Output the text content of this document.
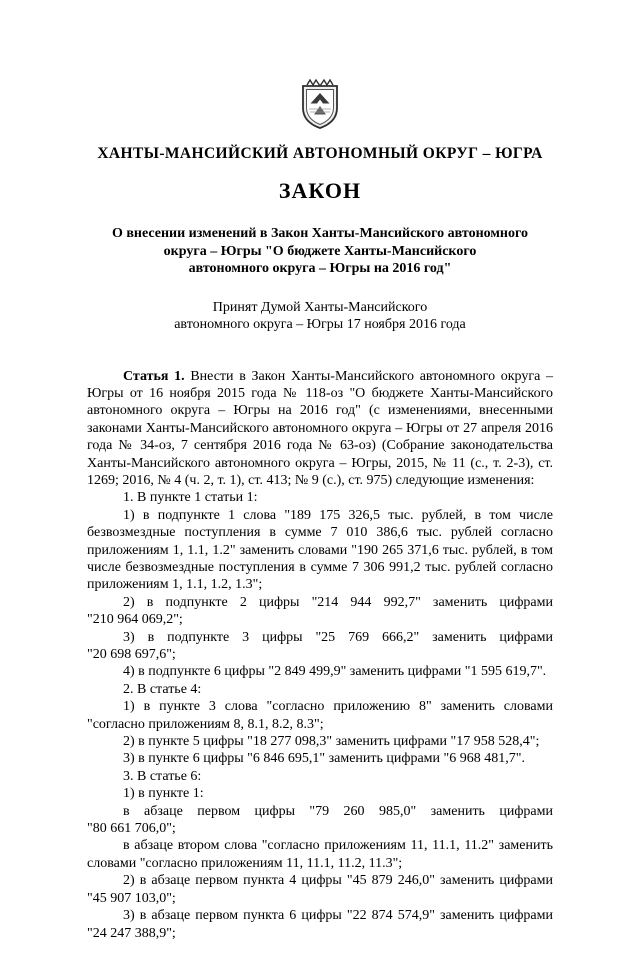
ХАНТЫ-МАНСИЙСКИЙ АВТОНОМНЫЙ ОКРУГ – ЮГРА
ЗАКОН
О внесении изменений в Закон Ханты-Мансийского автономного
округа – Югры "О бюджете Ханты-Мансийского
автономного округа – Югры на 2016 год"
Принят Думой Ханты-Мансийского
автономного округа – Югры 17 ноября 2016 года

Статья 1. Внести в Закон Ханты-Мансийского автономного округа – Югры от 16 ноября 2015 года № 118-оз "О бюджете Ханты-Мансийского автономного округа – Югры на 2016 год" (с изменениями, внесенными законами Ханты-Мансийского автономного округа – Югры от 27 апреля 2016 года № 34-оз, 7 сентября 2016 года № 63-оз) (Собрание законодательства Ханты-Мансийского автономного округа – Югры, 2015, № 11 (с., т. 2-3), ст. 1269; 2016, № 4 (ч. 2, т. 1), ст. 413; № 9 (с.), ст. 975) следующие изменения:

1. В пункте 1 статьи 1:

1) в подпункте 1 слова "189 175 326,5 тыс. рублей, в том числе безвозмездные поступления в сумме 7 010 386,6 тыс. рублей согласно приложениям 1, 1.1, 1.2" заменить словами "190 265 371,6 тыс. рублей, в том числе безвозмездные поступления в сумме 7 306 991,2 тыс. рублей согласно приложениям 1, 1.1, 1.2, 1.3";

2) в подпункте 2 цифры "214 944 992,7" заменить цифрами "210 964 069,2";

3) в подпункте 3 цифры "25 769 666,2" заменить цифрами "20 698 697,6";

4) в подпункте 6 цифры "2 849 499,9" заменить цифрами "1 595 619,7".

2. В статье 4:

1) в пункте 3 слова "согласно приложению 8" заменить словами "согласно приложениям 8, 8.1, 8.2, 8.3";

2) в пункте 5 цифры "18 277 098,3" заменить цифрами "17 958 528,4";

3) в пункте 6 цифры "6 846 695,1" заменить цифрами "6 968 481,7".

3. В статье 6:

1) в пункте 1:

в абзаце первом цифры "79 260 985,0" заменить цифрами "80 661 706,0";

в абзаце втором слова "согласно приложениям 11, 11.1, 11.2" заменить словами "согласно приложениям 11, 11.1, 11.2, 11.3";

2) в абзаце первом пункта 4 цифры "45 879 246,0" заменить цифрами "45 907 103,0";

3) в абзаце первом пункта 6 цифры "22 874 574,9" заменить цифрами "24 247 388,9";
